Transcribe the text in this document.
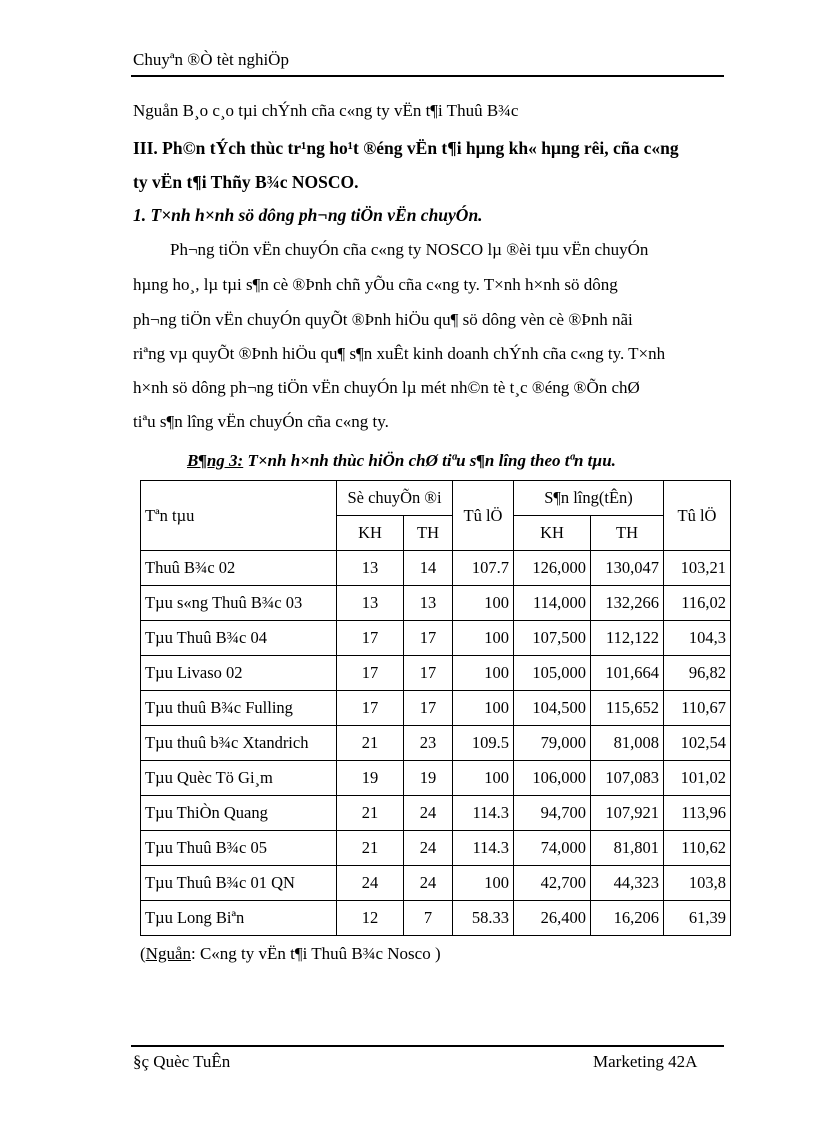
Chuyªn ®Ò tèt nghiÖp
Nguån B¸o c¸o tµi chÝnh cña c«ng ty vËn t¶i Thuû B¾c
III. Ph©n tÝch thùc tr¹ng ho¹t ®éng vËn t¶i hµng kh« hµng rêi, cña c«ng
ty vËn t¶i Thñy B¾c NOSCO.
1. T×nh h×nh sö dông ph¬ng tiÖn vËn chuyÓn.
Ph¬ng tiÖn vËn chuyÓn cña c«ng ty NOSCO lµ ®èi tµu vËn chuyÓn
hµng ho¸, lµ tµi s¶n cè ®Þnh chñ yÕu cña c«ng ty. T×nh h×nh sö dông
ph¬ng tiÖn vËn chuyÓn quyÕt ®Þnh hiÖu qu¶ sö dông vèn cè ®Þnh nãi
riªng vµ quyÕt ®Þnh hiÖu qu¶ s¶n xuÊt kinh doanh chÝnh cña c«ng ty. T×nh
h×nh sö dông ph¬ng tiÖn vËn chuyÓn lµ mét nh©n tè t¸c ®éng ®Õn chØ
tiªu s¶n lîng vËn chuyÓn cña c«ng ty.
B¶ng 3: T×nh h×nh thùc hiÖn chØ tiªu s¶n lîng theo tªn tµu.
Tªn tµu	Sè chuyÕn ®i		Tû lÖ	S¶n lîng(tÊn)		Tû lÖ
	KH	TH		KH	TH	
Thuû B¾c 02	13	14	107.7	126,000	130,047	103,21
Tµu s«ng Thuû B¾c 03	13	13	100	114,000	132,266	116,02
Tµu Thuû B¾c 04	17	17	100	107,500	112,122	104,3
Tµu Livaso 02	17	17	100	105,000	101,664	96,82
Tµu thuû B¾c Fulling	17	17	100	104,500	115,652	110,67
Tµu thuû b¾c Xtandrich	21	23	109.5	79,000	81,008	102,54
Tµu Quèc Tö Gi¸m	19	19	100	106,000	107,083	101,02
Tµu ThiÒn Quang	21	24	114.3	94,700	107,921	113,96
Tµu Thuû B¾c 05	21	24	114.3	74,000	81,801	110,62
Tµu Thuû B¾c 01 QN	24	24	100	42,700	44,323	103,8
Tµu Long Biªn	12	7	58.33	26,400	16,206	61,39
(Nguån: C«ng ty vËn t¶i Thuû B¾c Nosco )
§ç Quèc TuÊn	Marketing 42A
